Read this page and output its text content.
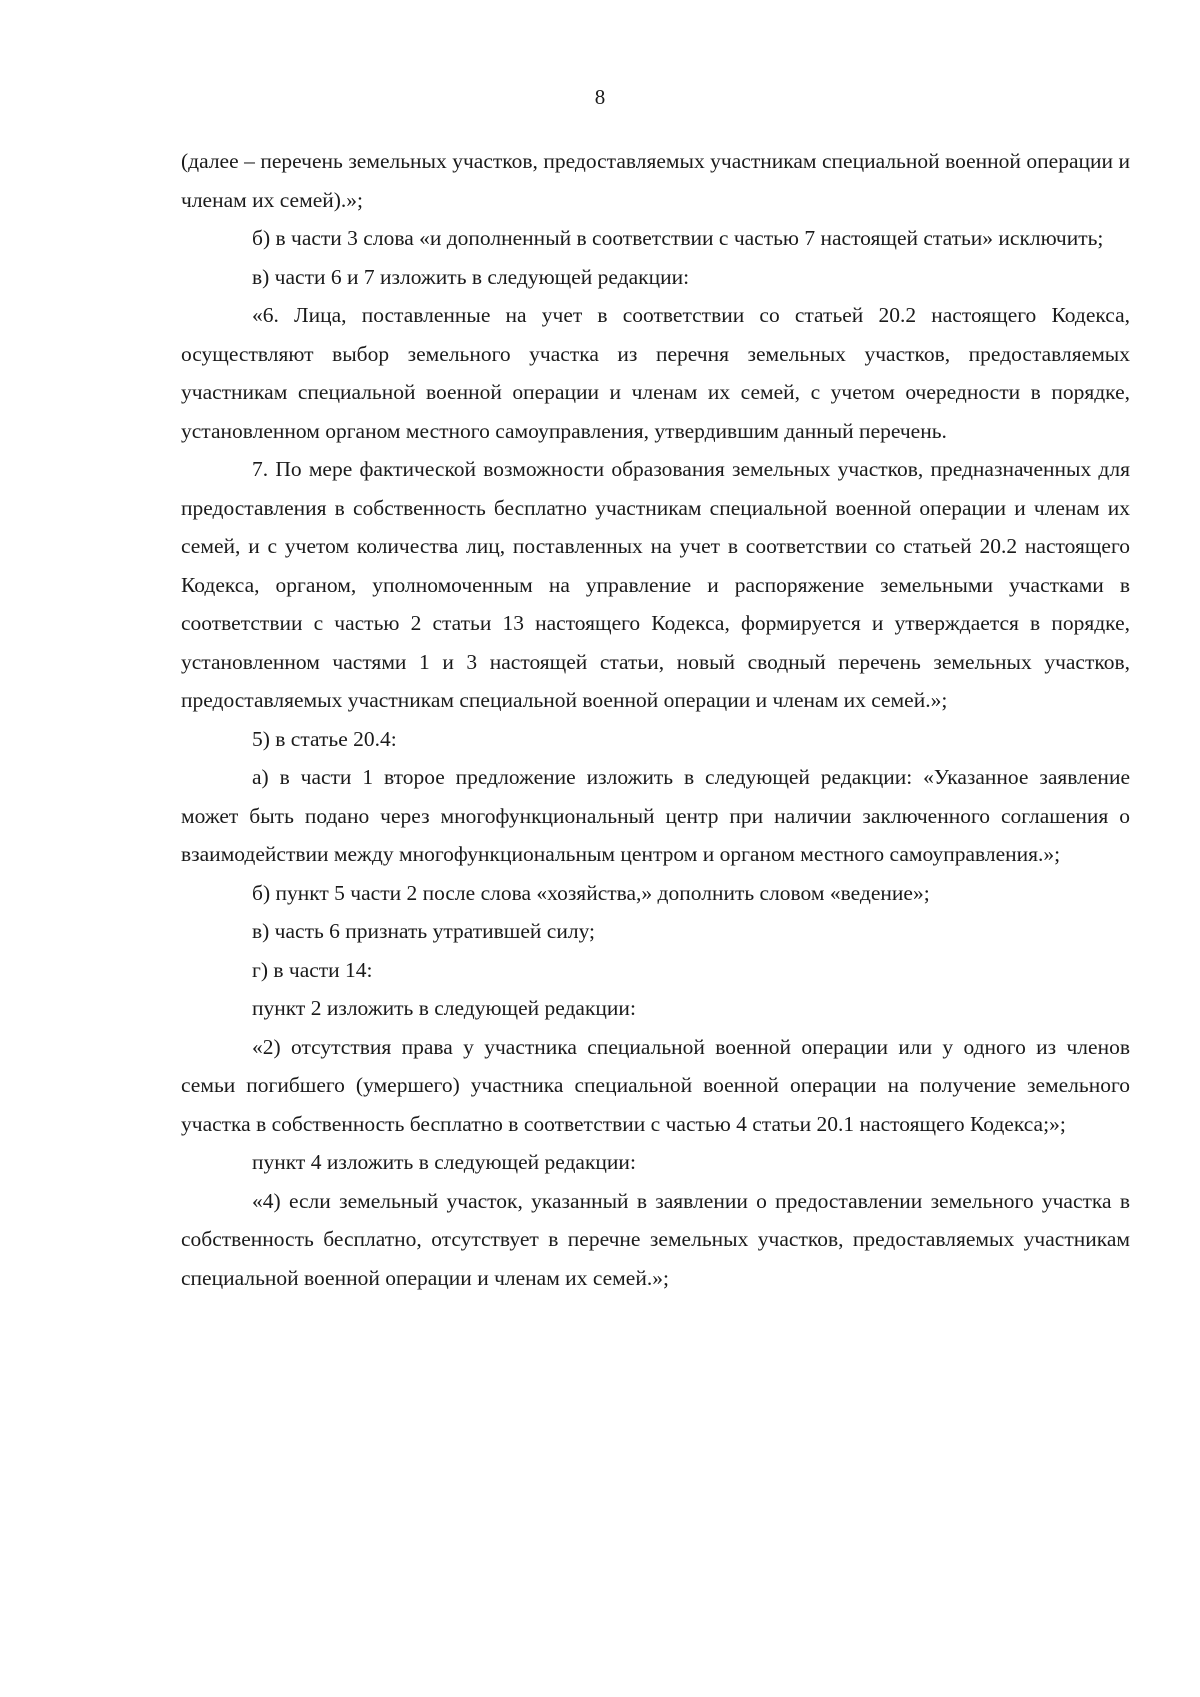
8

(далее – перечень земельных участков, предоставляемых участникам специальной военной операции и членам их семей).»;

б) в части 3 слова «и дополненный в соответствии с частью 7 настоящей статьи» исключить;

в) части 6 и 7 изложить в следующей редакции:

«6. Лица, поставленные на учет в соответствии со статьей 20.2 настоящего Кодекса, осуществляют выбор земельного участка из перечня земельных участков, предоставляемых участникам специальной военной операции и членам их семей, с учетом очередности в порядке, установленном органом местного самоуправления, утвердившим данный перечень.

7. По мере фактической возможности образования земельных участков, предназначенных для предоставления в собственность бесплатно участникам специальной военной операции и членам их семей, и с учетом количества лиц, поставленных на учет в соответствии со статьей 20.2 настоящего Кодекса, органом, уполномоченным на управление и распоряжение земельными участками в соответствии с частью 2 статьи 13 настоящего Кодекса, формируется и утверждается в порядке, установленном частями 1 и 3 настоящей статьи, новый сводный перечень земельных участков, предоставляемых участникам специальной военной операции и членам их семей.»;

5) в статье 20.4:

а) в части 1 второе предложение изложить в следующей редакции: «Указанное заявление может быть подано через многофункциональный центр при наличии заключенного соглашения о взаимодействии между многофункциональным центром и органом местного самоуправления.»;

б) пункт 5 части 2 после слова «хозяйства,» дополнить словом «ведение»;

в) часть 6 признать утратившей силу;

г) в части 14:

пункт 2 изложить в следующей редакции:

«2) отсутствия права у участника специальной военной операции или у одного из членов семьи погибшего (умершего) участника специальной военной операции на получение земельного участка в собственность бесплатно в соответствии с частью 4 статьи 20.1 настоящего Кодекса;»;

пункт 4 изложить в следующей редакции:

«4) если земельный участок, указанный в заявлении о предоставлении земельного участка в собственность бесплатно, отсутствует в перечне земельных участков, предоставляемых участникам специальной военной операции и членам их семей.»;
